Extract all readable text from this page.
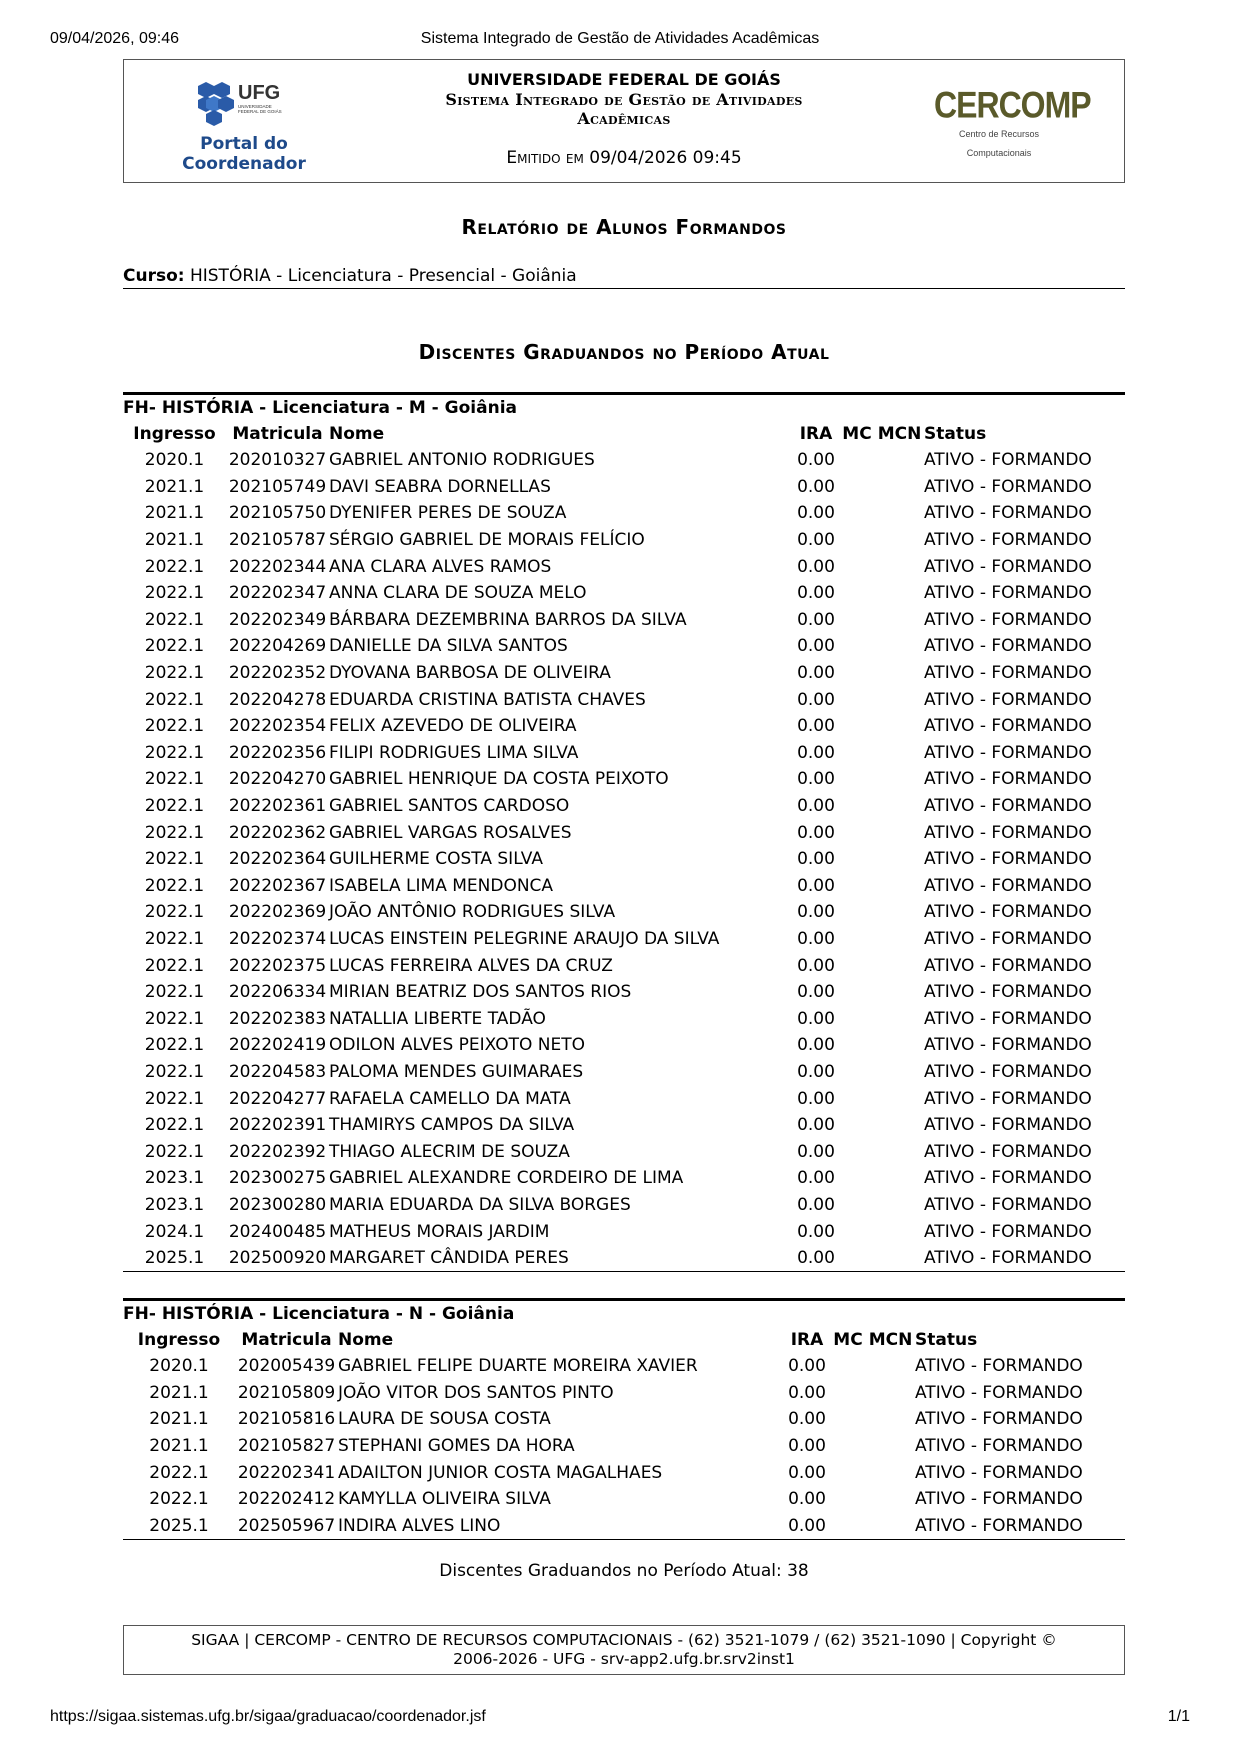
09/04/2026, 09:46	Sistema Integrado de Gestão de Atividades Acadêmicas
UFG
UNIVERSIDADE FEDERAL DE GOIÁS
Portal do
Coordenador
UNIVERSIDADE FEDERAL DE GOIÁS
Sistema Integrado de Gestão de Atividades
Acadêmicas
Emitido em 09/04/2026 09:45
CERCOMP
Centro de Recursos Computacionais
Relatório de Alunos Formandos
Curso: HISTÓRIA - Licenciatura - Presencial - Goiânia
Discentes Graduandos no Período Atual
FH- HISTÓRIA - Licenciatura - M - Goiânia
Ingresso	Matricula	Nome	IRA	MC	MCN	Status
2020.1	202010327	GABRIEL ANTONIO RODRIGUES	0.00			ATIVO - FORMANDO
2021.1	202105749	DAVI SEABRA DORNELLAS	0.00			ATIVO - FORMANDO
2021.1	202105750	DYENIFER PERES DE SOUZA	0.00			ATIVO - FORMANDO
2021.1	202105787	SÉRGIO GABRIEL DE MORAIS FELÍCIO	0.00			ATIVO - FORMANDO
2022.1	202202344	ANA CLARA ALVES RAMOS	0.00			ATIVO - FORMANDO
2022.1	202202347	ANNA CLARA DE SOUZA MELO	0.00			ATIVO - FORMANDO
2022.1	202202349	BÁRBARA DEZEMBRINA BARROS DA SILVA	0.00			ATIVO - FORMANDO
2022.1	202204269	DANIELLE DA SILVA SANTOS	0.00			ATIVO - FORMANDO
2022.1	202202352	DYOVANA BARBOSA DE OLIVEIRA	0.00			ATIVO - FORMANDO
2022.1	202204278	EDUARDA CRISTINA BATISTA CHAVES	0.00			ATIVO - FORMANDO
2022.1	202202354	FELIX AZEVEDO DE OLIVEIRA	0.00			ATIVO - FORMANDO
2022.1	202202356	FILIPI RODRIGUES LIMA SILVA	0.00			ATIVO - FORMANDO
2022.1	202204270	GABRIEL HENRIQUE DA COSTA PEIXOTO	0.00			ATIVO - FORMANDO
2022.1	202202361	GABRIEL SANTOS CARDOSO	0.00			ATIVO - FORMANDO
2022.1	202202362	GABRIEL VARGAS ROSALVES	0.00			ATIVO - FORMANDO
2022.1	202202364	GUILHERME COSTA SILVA	0.00			ATIVO - FORMANDO
2022.1	202202367	ISABELA LIMA MENDONCA	0.00			ATIVO - FORMANDO
2022.1	202202369	JOÃO ANTÔNIO RODRIGUES SILVA	0.00			ATIVO - FORMANDO
2022.1	202202374	LUCAS EINSTEIN PELEGRINE ARAUJO DA SILVA	0.00			ATIVO - FORMANDO
2022.1	202202375	LUCAS FERREIRA ALVES DA CRUZ	0.00			ATIVO - FORMANDO
2022.1	202206334	MIRIAN BEATRIZ DOS SANTOS RIOS	0.00			ATIVO - FORMANDO
2022.1	202202383	NATALLIA LIBERTE TADÃO	0.00			ATIVO - FORMANDO
2022.1	202202419	ODILON ALVES PEIXOTO NETO	0.00			ATIVO - FORMANDO
2022.1	202204583	PALOMA MENDES GUIMARAES	0.00			ATIVO - FORMANDO
2022.1	202204277	RAFAELA CAMELLO DA MATA	0.00			ATIVO - FORMANDO
2022.1	202202391	THAMIRYS CAMPOS DA SILVA	0.00			ATIVO - FORMANDO
2022.1	202202392	THIAGO ALECRIM DE SOUZA	0.00			ATIVO - FORMANDO
2023.1	202300275	GABRIEL ALEXANDRE CORDEIRO DE LIMA	0.00			ATIVO - FORMANDO
2023.1	202300280	MARIA EDUARDA DA SILVA BORGES	0.00			ATIVO - FORMANDO
2024.1	202400485	MATHEUS MORAIS JARDIM	0.00			ATIVO - FORMANDO
2025.1	202500920	MARGARET CÂNDIDA PERES	0.00			ATIVO - FORMANDO
FH- HISTÓRIA - Licenciatura - N - Goiânia
Ingresso	Matricula	Nome	IRA	MC	MCN	Status
2020.1	202005439	GABRIEL FELIPE DUARTE MOREIRA XAVIER	0.00			ATIVO - FORMANDO
2021.1	202105809	JOÃO VITOR DOS SANTOS PINTO	0.00			ATIVO - FORMANDO
2021.1	202105816	LAURA DE SOUSA COSTA	0.00			ATIVO - FORMANDO
2021.1	202105827	STEPHANI GOMES DA HORA	0.00			ATIVO - FORMANDO
2022.1	202202341	ADAILTON JUNIOR COSTA MAGALHAES	0.00			ATIVO - FORMANDO
2022.1	202202412	KAMYLLA OLIVEIRA SILVA	0.00			ATIVO - FORMANDO
2025.1	202505967	INDIRA ALVES LINO	0.00			ATIVO - FORMANDO
Discentes Graduandos no Período Atual: 38
SIGAA | CERCOMP - CENTRO DE RECURSOS COMPUTACIONAIS - (62) 3521-1079 / (62) 3521-1090 | Copyright ©
2006-2026 - UFG - srv-app2.ufg.br.srv2inst1
https://sigaa.sistemas.ufg.br/sigaa/graduacao/coordenador.jsf	1/1
